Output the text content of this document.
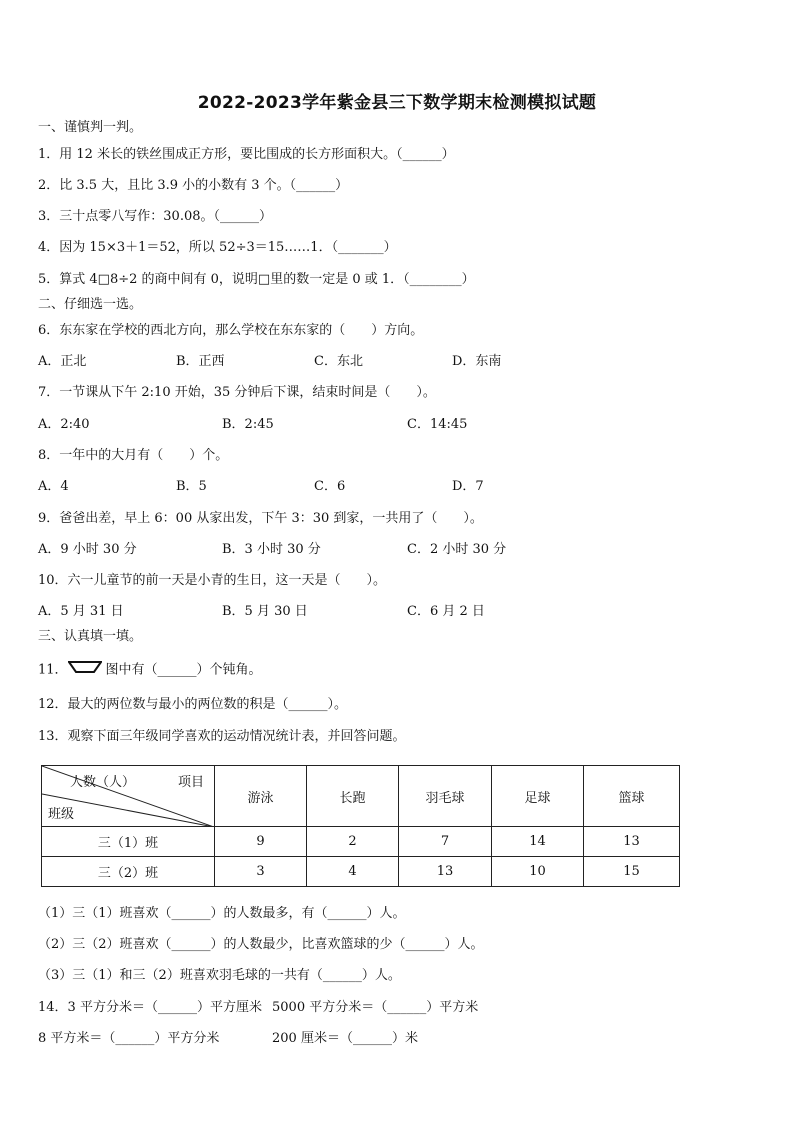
2022-2023学年紫金县三下数学期末检测模拟试题
一、谨慎判一判。
1．用 12 米长的铁丝围成正方形，要比围成的长方形面积大。（______）
2．比 3.5 大，且比 3.9 小的小数有 3 个。（______）
3．三十点零八写作：30.08。（______）
4．因为 15×3＋1＝52，所以 52÷3＝15……1．（_______）
5．算式 4□8÷2 的商中间有 0，说明□里的数一定是 0 或 1．（________）
二、仔细选一选。
6．东东家在学校的西北方向，那么学校在东东家的（　　）方向。
A．正北	B．正西	C．东北	D．东南
7．一节课从下午 2:10 开始，35 分钟后下课，结束时间是（　　）。
A．2:40	B．2:45	C．14:45
8．一年中的大月有（　　）个。
A．4	B．5	C．6	D．7
9．爸爸出差，早上 6：00 从家出发，下午 3：30 到家，一共用了（　　）。
A．9 小时 30 分	B．3 小时 30 分	C．2 小时 30 分
10．六一儿童节的前一天是小青的生日，这一天是（　　）。
A．5 月 31 日	B．5 月 30 日	C．6 月 2 日
三、认真填一填。
11．	图中有（______）个钝角。
12．最大的两位数与最小的两位数的积是（______）。
13．观察下面三年级同学喜欢的运动情况统计表，并回答问题。
项目
人数（人）
班级	游泳	长跑	羽毛球	足球	篮球
三（1）班	9	2	7	14	13
三（2）班	3	4	13	10	15
（1）三（1）班喜欢（______）的人数最多，有（______）人。
（2）三（2）班喜欢（______）的人数最少，比喜欢篮球的少（______）人。
（3）三（1）和三（2）班喜欢羽毛球的一共有（______）人。
14．3 平方分米＝（______）平方厘米 5000 平方分米＝（______）平方米
8 平方米＝（______）平方分米	200 厘米＝（______）米
